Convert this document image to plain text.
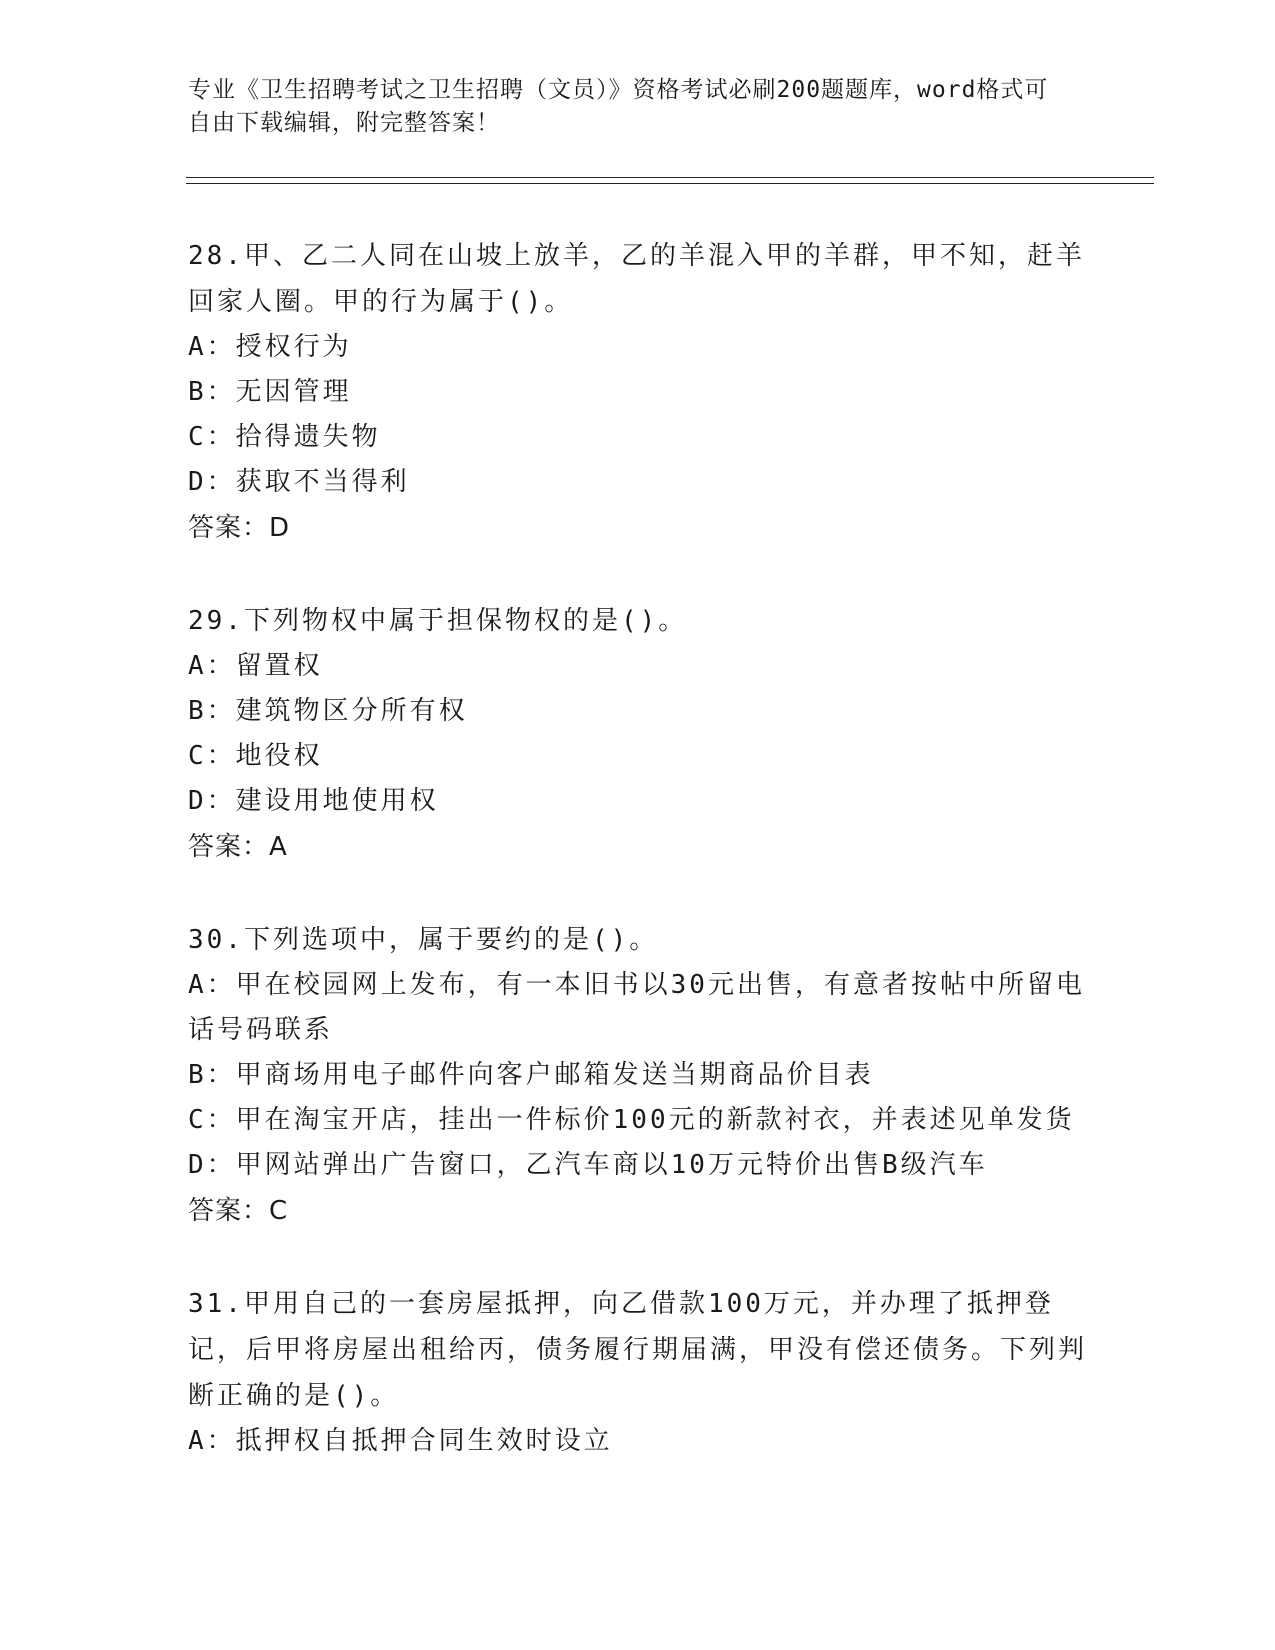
专业《卫生招聘考试之卫生招聘（文员）》资格考试必刷200题题库，word格式可自由下载编辑，附完整答案！
28.甲、乙二人同在山坡上放羊，乙的羊混入甲的羊群，甲不知，赶羊回家人圈。甲的行为属于()。
A：授权行为
B：无因管理
C：拾得遗失物
D：获取不当得利
答案：D
29.下列物权中属于担保物权的是()。
A：留置权
B：建筑物区分所有权
C：地役权
D：建设用地使用权
答案：A
30.下列选项中，属于要约的是()。
A：甲在校园网上发布，有一本旧书以30元出售，有意者按帖中所留电话号码联系
B：甲商场用电子邮件向客户邮箱发送当期商品价目表
C：甲在淘宝开店，挂出一件标价100元的新款衬衣，并表述见单发货
D：甲网站弹出广告窗口，乙汽车商以10万元特价出售B级汽车
答案：C
31.甲用自己的一套房屋抵押，向乙借款100万元，并办理了抵押登记，后甲将房屋出租给丙，债务履行期届满，甲没有偿还债务。下列判断正确的是()。
A：抵押权自抵押合同生效时设立
